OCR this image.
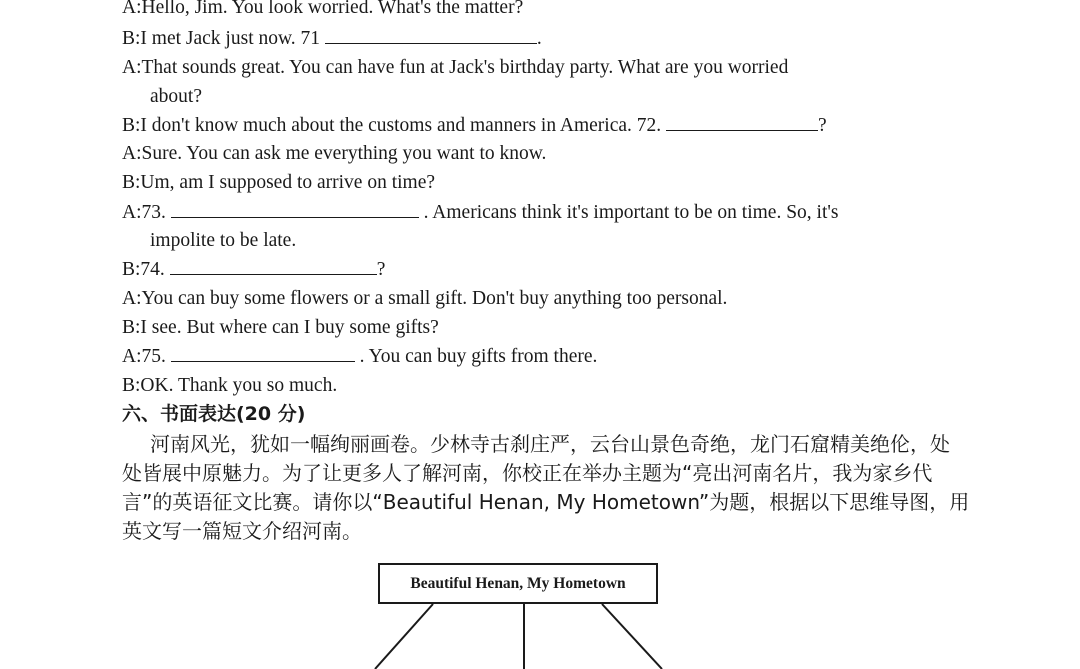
A:Hello, Jim. You look worried. What's the matter?
B:I met Jack just now. 71	.
A:That sounds great. You can have fun at Jack's birthday party. What are you worried
about?
B:I don't know much about the customs and manners in America. 72.	?
A:Sure. You can ask me everything you want to know.
B:Um, am I supposed to arrive on time?
A:73.	. Americans think it's important to be on time. So, it's
impolite to be late.
B:74.	?
A:You can buy some flowers or a small gift. Don't buy anything too personal.
B:I see. But where can I buy some gifts?
A:75.	. You can buy gifts from there.
B:OK. Thank you so much.
六、书面表达(20 分)
河南风光，犹如一幅绚丽画卷。少林寺古刹庄严，云台山景色奇绝，龙门石窟精美绝伦，处
处皆展中原魅力。为了让更多人了解河南，你校正在举办主题为“亮出河南名片，我为家乡代
言”的英语征文比赛。请你以“Beautiful Henan, My Hometown”为题，根据以下思维导图，用
英文写一篇短文介绍河南。
Beautiful Henan, My Hometown
